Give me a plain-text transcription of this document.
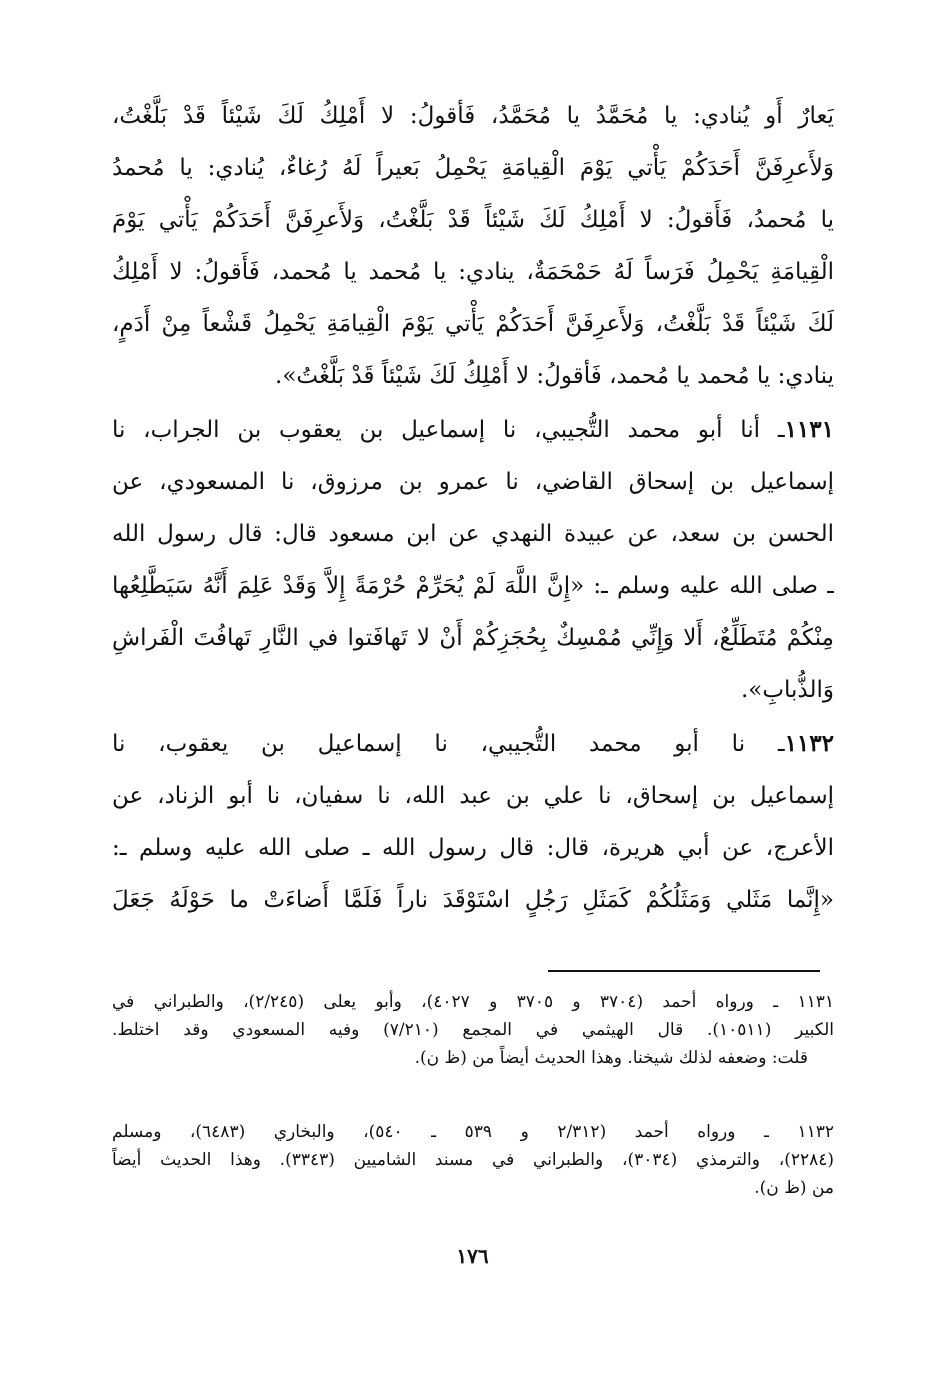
يَعارٌ أَو يُنادي: يا مُحَمَّدُ يا مُحَمَّدُ، فَأقولُ: لا أَمْلِكُ لَكَ شَيْئاً قَدْ بَلَّغْتُ،
وَلأَعرِفَنَّ أَحَدَكُمْ يَأْتي يَوْمَ الْقِيامَةِ يَحْمِلُ بَعيراً لَهُ رُغاءٌ، يُنادي: يا مُحمدُ
يا مُحمدُ، فَأَقولُ: لا أَمْلِكُ لَكَ شَيْئاً قَدْ بَلَّغْتُ، وَلأَعرِفَنَّ أَحَدَكُمْ يَأْتي يَوْمَ
الْقِيامَةِ يَحْمِلُ فَرَساً لَهُ حَمْحَمَةٌ، ينادي: يا مُحمد يا مُحمد، فَأَقولُ: لا أَمْلِكُ
لَكَ شَيْئاً قَدْ بَلَّغْتُ، وَلأَعرِفَنَّ أَحَدَكُمْ يَأْتي يَوْمَ الْقِيامَةِ يَحْمِلُ قَشْعاً مِنْ أَدَمٍ،
ينادي: يا مُحمد يا مُحمد، فَأقولُ: لا أَمْلِكُ لَكَ شَيْئاً قَدْ بَلَّغْتُ».
١١٣١ـ أنا أبو محمد التُّجيبي، نا إسماعيل بن يعقوب بن الجراب، نا
إسماعيل بن إسحاق القاضي، نا عمرو بن مرزوق، نا المسعودي، عن
الحسن بن سعد، عن عبيدة النهدي عن ابن مسعود قال: قال رسول الله
ـ صلى الله عليه وسلم ـ: «إِنَّ اللَّهَ لَمْ يُحَرِّمْ حُرْمَةً إِلاَّ وَقَدْ عَلِمَ أَنَّهُ سَيَطَّلِعُها
مِنْكُمْ مُتَطَلِّعٌ، أَلا وَإِنِّي مُمْسِكٌ بِحُجَزِكُمْ أَنْ لا تَهافَتوا في النَّارِ تَهافُتَ الْفَراشِ
وَالذُّبابِ».
١١٣٢ـ نا أبو محمد التُّجيبي، نا إسماعيل بن يعقوب، نا
إسماعيل بن إسحاق، نا علي بن عبد الله، نا سفيان، نا أبو الزناد، عن
الأعرج، عن أبي هريرة، قال: قال رسول الله ـ صلى الله عليه وسلم ـ:
«إِنَّما مَثَلي وَمَثَلُكُمْ كَمَثَلِ رَجُلٍ اسْتَوْقَدَ ناراً فَلَمَّا أَضاءَتْ ما حَوْلَهُ جَعَلَ
١١٣١ ـ ورواه أحمد (٣٧٠٤ و ٣٧٠٥ و ٤٠٢٧)، وأبو يعلى (٢/٢٤٥)، والطبراني في
الكبير (١٠٥١١). قال الهيثمي في المجمع (٧/٢١٠) وفيه المسعودي وقد اختلط.
قلت: وضعفه لذلك شيخنا. وهذا الحديث أيضاً من (ظ ن).
١١٣٢ ـ ورواه أحمد (٢/٣١٢ و ٥٣٩ ـ ٥٤٠)، والبخاري (٦٤٨٣)، ومسلم
(٢٢٨٤)، والترمذي (٣٠٣٤)، والطبراني في مسند الشاميين (٣٣٤٣). وهذا الحديث أيضاً
من (ظ ن).
١٧٦
